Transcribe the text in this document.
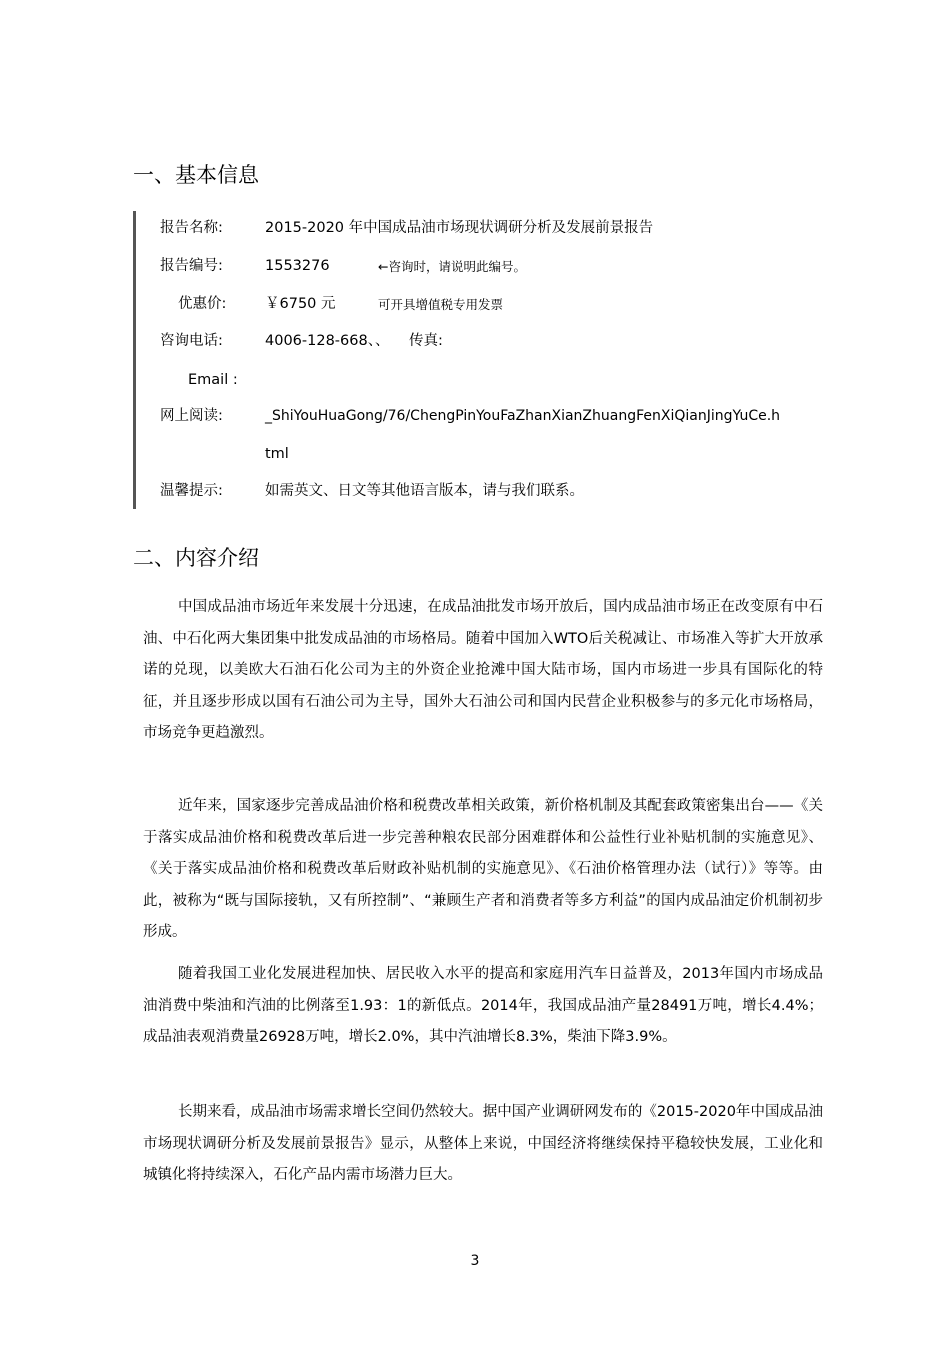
一、基本信息
报告名称:	2015-2020 年中国成品油市场现状调研分析及发展前景报告
报告编号:	1553276	←咨询时，请说明此编号。
优惠价:	￥6750 元	可开具增值税专用发票
咨询电话:	4006-128-668、、 传真:
Email :
网上阅读:	_ShiYouHuaGong/76/ChengPinYouFaZhanXianZhuangFenXiQianJingYuCe.h
tml
温馨提示:	如需英文、日文等其他语言版本，请与我们联系。
二、内容介绍

中国成品油市场近年来发展十分迅速，在成品油批发市场开放后，国内成品油市场正在改变原有中石油、中石化两大集团集中批发成品油的市场格局。随着中国加入WTO后关税减让、市场准入等扩大开放承诺的兑现，以美欧大石油石化公司为主的外资企业抢滩中国大陆市场，国内市场进一步具有国际化的特征，并且逐步形成以国有石油公司为主导，国外大石油公司和国内民营企业积极参与的多元化市场格局，市场竞争更趋激烈。

近年来，国家逐步完善成品油价格和税费改革相关政策，新价格机制及其配套政策密集出台——《关于落实成品油价格和税费改革后进一步完善种粮农民部分困难群体和公益性行业补贴机制的实施意见》、《关于落实成品油价格和税费改革后财政补贴机制的实施意见》、《石油价格管理办法（试行）》等等。由此，被称为“既与国际接轨，又有所控制”、“兼顾生产者和消费者等多方利益”的国内成品油定价机制初步形成。

随着我国工业化发展进程加快、居民收入水平的提高和家庭用汽车日益普及，2013年国内市场成品油消费中柴油和汽油的比例落至1.93：1的新低点。2014年，我国成品油产量28491万吨，增长4.4%；成品油表观消费量26928万吨，增长2.0%，其中汽油增长8.3%，柴油下降3.9%。

长期来看，成品油市场需求增长空间仍然较大。据中国产业调研网发布的《2015-2020年中国成品油市场现状调研分析及发展前景报告》显示，从整体上来说，中国经济将继续保持平稳较快发展，工业化和城镇化将持续深入，石化产品内需市场潜力巨大。

3
